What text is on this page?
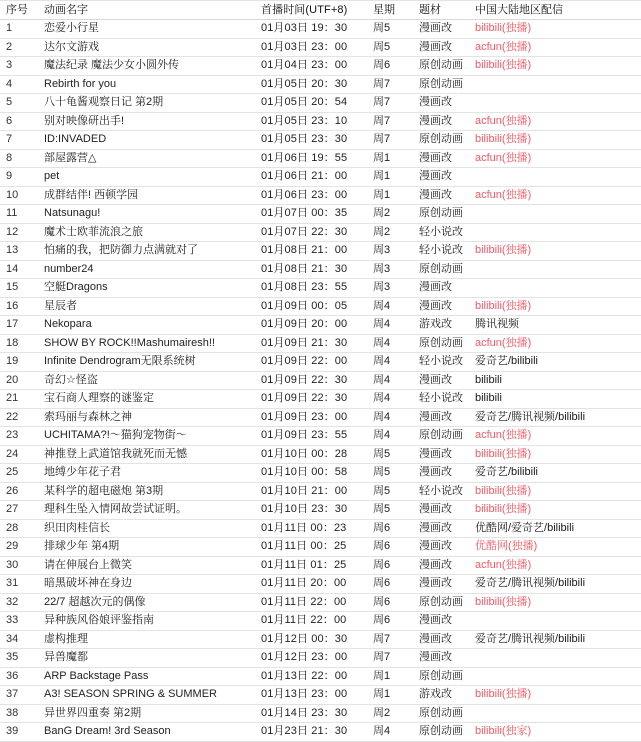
序号	动画名字	首播时间(UTF+8)	星期	题材	中国大陆地区配信
1	恋爱小行星	01月03日 19：30	周5	漫画改	bilibili(独播)
2	达尔文游戏	01月03日 23：00	周5	漫画改	acfun(独播)
3	魔法纪录 魔法少女小圆外传	01月04日 23：00	周6	原创动画	bilibili(独播)
4	Rebirth for you	01月05日 20：30	周7	原创动画	
5	八十龟酱观察日记 第2期	01月05日 20：54	周7	漫画改	
6	别对映像研出手!	01月05日 23：10	周7	漫画改	acfun(独播)
7	ID:INVADED	01月05日 23：30	周7	原创动画	bilibili(独播)
8	部屋露营△	01月06日 19：55	周1	漫画改	acfun(独播)
9	pet	01月06日 21：00	周1	漫画改	
10	成群结伴! 西顿学园	01月06日 23：00	周1	漫画改	acfun(独播)
11	Natsunagu!	01月07日 00：35	周2	原创动画	
12	魔术士欧菲流浪之旅	01月07日 22：30	周2	轻小说改	
13	怕痛的我，把防御力点满就对了	01月08日 21：00	周3	轻小说改	bilibili(独播)
14	number24	01月08日 21：30	周3	原创动画	
15	空艇Dragons	01月08日 23：55	周3	漫画改	
16	星辰者	01月09日 00：05	周4	漫画改	bilibili(独播)
17	Nekopara	01月09日 20：00	周4	游戏改	腾讯视频
18	SHOW BY ROCK!!Mashumairesh!!	01月09日 21：30	周4	原创动画	acfun(独播)
19	Infinite Dendrogram无限系统树	01月09日 22：00	周4	轻小说改	爱奇艺/bilibili
20	奇幻☆怪盗	01月09日 22：30	周4	漫画改	bilibili
21	宝石商人理察的谜鉴定	01月09日 22：30	周4	轻小说改	bilibili
22	索玛丽与森林之神	01月09日 23：00	周4	漫画改	爱奇艺/腾讯视频/bilibili
23	UCHITAMA?!～猫狗宠物街～	01月09日 23：55	周4	原创动画	acfun(独播)
24	神推登上武道馆我就死而无憾	01月10日 00：28	周5	漫画改	bilibili(独播)
25	地缚少年花子君	01月10日 00：58	周5	漫画改	爱奇艺/bilibili
26	某科学的超电磁炮 第3期	01月10日 21：00	周5	轻小说改	bilibili(独播)
27	理科生坠入情网故尝试证明。	01月10日 23：30	周5	漫画改	bilibili(独播)
28	织田肉桂信长	01月11日 00：23	周6	漫画改	优酷网/爱奇艺/bilibili
29	排球少年 第4期	01月11日 00：25	周6	漫画改	优酷网(独播)
30	请在伸展台上微笑	01月11日 01：25	周6	漫画改	acfun(独播)
31	暗黑破坏神在身边	01月11日 20：00	周6	漫画改	爱奇艺/腾讯视频/bilibili
32	22/7 超越次元的偶像	01月11日 22：00	周6	原创动画	bilibili(独播)
33	异种族风俗娘评鉴指南	01月11日 22：00	周6	漫画改	
34	虚构推理	01月12日 00：30	周7	漫画改	爱奇艺/腾讯视频/bilibili
35	异兽魔都	01月12日 23：00	周7	漫画改	
36	ARP Backstage Pass	01月13日 22：00	周1	原创动画	
37	A3! SEASON SPRING & SUMMER	01月13日 23：00	周1	游戏改	bilibili(独播)
38	异世界四重奏 第2期	01月14日 23：30	周2	原创动画	
39	BanG Dream! 3rd Season	01月23日 21：30	周4	原创动画	bilibili(独家)
